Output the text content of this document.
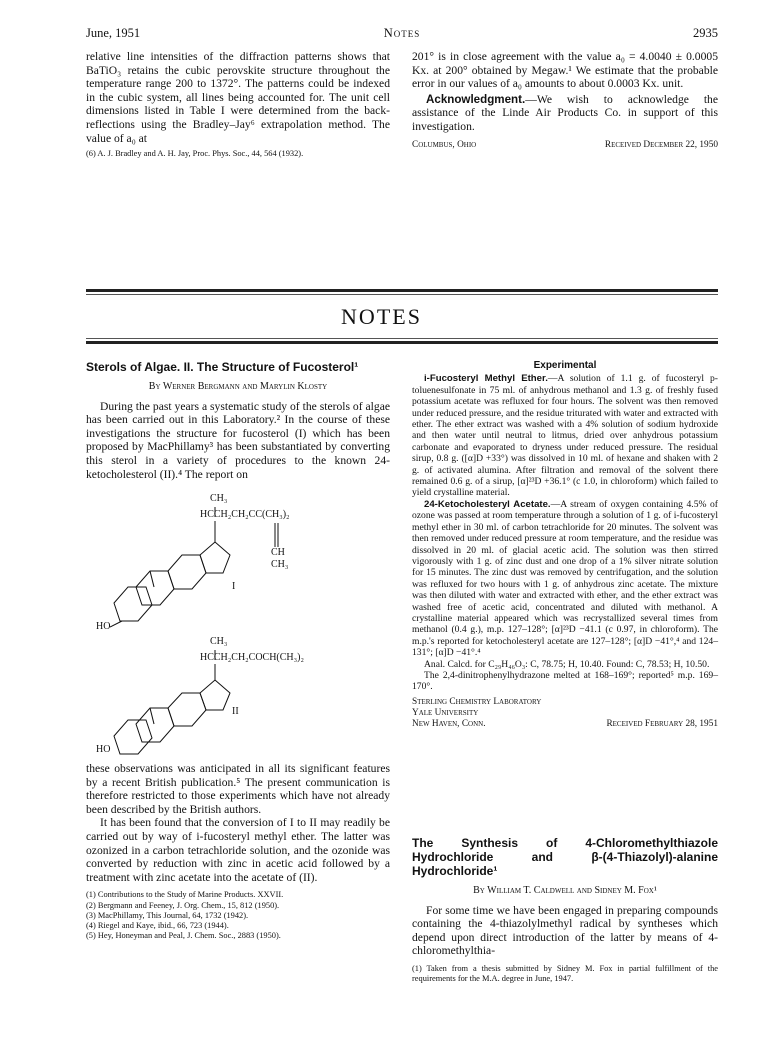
June, 1951	Notes	2935

relative line intensities of the diffraction patterns shows that BaTiO₃ retains the cubic perovskite structure throughout the temperature range 200 to 1372°. The patterns could be indexed in the cubic system, all lines being accounted for. The unit cell dimensions listed in Table I were determined from the back-reflections using the Bradley–Jay⁶ extrapolation method. The value of a₀ at

(6) A. J. Bradley and A. H. Jay, Proc. Phys. Soc., 44, 564 (1932).

201° is in close agreement with the value a₀ = 4.0040 ± 0.0005 Kx. at 200° obtained by Megaw.¹ We estimate that the probable error in our values of a₀ amounts to about 0.0003 Kx. unit.

Acknowledgment.—We wish to acknowledge the assistance of the Linde Air Products Co. in support of this investigation.

Columbus, Ohio	Received December 22, 1950
NOTES
Sterols of Algae. II. The Structure of Fucosterol¹
By Werner Bergmann and Marylin Klosty

During the past years a systematic study of the sterols of algae has been carried out in this Laboratory.² In the course of these investigations the structure for fucosterol (I) which has been proposed by MacPhillamy³ has been substantiated by converting this sterol in a variety of procedures to the known 24-ketocholesterol (II).⁴ The report on

CH₃
HCCH₂CH₂CC(CH₃)₂
CH
CH₃
I
HO
CH₃
HCCH₂CH₂COCH(CH₃)₂
II
HO

these observations was anticipated in all its significant features by a recent British publication.⁵ The present communication is therefore restricted to those experiments which have not already been described by the British authors.

It has been found that the conversion of I to II may readily be carried out by way of i-fucosteryl methyl ether. The latter was ozonized in a carbon tetrachloride solution, and the ozonide was converted by reduction with zinc in acetic acid followed by a treatment with zinc acetate into the acetate of (II).

(1) Contributions to the Study of Marine Products. XXVII.
(2) Bergmann and Feeney, J. Org. Chem., 15, 812 (1950).
(3) MacPhillamy, This Journal, 64, 1732 (1942).
(4) Riegel and Kaye, ibid., 66, 723 (1944).
(5) Hey, Honeyman and Peal, J. Chem. Soc., 2883 (1950).
Experimental

i-Fucosteryl Methyl Ether.—A solution of 1.1 g. of fucosteryl p-toluenesulfonate in 75 ml. of anhydrous methanol and 1.3 g. of freshly fused potassium acetate was refluxed for four hours. The solvent was then removed under reduced pressure, and the residue triturated with water and extracted with ether. The ether extract was washed with a 4% solution of sodium hydroxide and then water until neutral to litmus, dried over anhydrous potassium carbonate and evaporated to dryness under reduced pressure. The residual sirup, 0.8 g. ([α]D +33°) was dissolved in 10 ml. of hexane and shaken with 2 g. of activated alumina. After filtration and removal of the solvent there remained 0.6 g. of a sirup, [α]²³D +36.1° (c 1.0, in chloroform) which failed to yield crystalline material.

24-Ketocholesteryl Acetate.—A stream of oxygen containing 4.5% of ozone was passed at room temperature through a solution of 1 g. of i-fucosteryl methyl ether in 30 ml. of carbon tetrachloride for 20 minutes. The solvent was then removed under reduced pressure at room temperature, and the residue was dissolved in 20 ml. of glacial acetic acid. The solution was then stirred vigorously with 1 g. of zinc dust and one drop of a 1% silver nitrate solution for 15 minutes. The zinc dust was removed by centrifugation, and the solution was refluxed for two hours with 1 g. of anhydrous zinc acetate. The mixture was then diluted with water and extracted with ether, and the ether extract was washed free of acetic acid, concentrated and diluted with methanol. A crystalline material appeared which was recrystallized several times from methanol (0.4 g.), m.p. 127–128°; [α]²³D −41.1 (c 0.97, in chloroform). The m.p.'s reported for ketocholesteryl acetate are 127–128°; [α]D −41°,⁴ and 124–131°; [α]D −41°.⁴

Anal. Calcd. for C₂₉H₄₆O₃: C, 78.75; H, 10.40. Found: C, 78.53; H, 10.50.

The 2,4-dinitrophenylhydrazone melted at 168–169°; reported⁵ m.p. 169–170°.

Sterling Chemistry Laboratory
Yale University
New Haven, Conn.	Received February 28, 1951
The Synthesis of 4-Chloromethylthiazole Hydrochloride and β-(4-Thiazolyl)-alanine Hydrochloride¹
By William T. Caldwell and Sidney M. Fox¹

For some time we have been engaged in preparing compounds containing the 4-thiazolylmethyl radical by syntheses which depend upon direct introduction of the latter by means of 4-chloromethylthia-

(1) Taken from a thesis submitted by Sidney M. Fox in partial fulfillment of the requirements for the M.A. degree in June, 1947.
